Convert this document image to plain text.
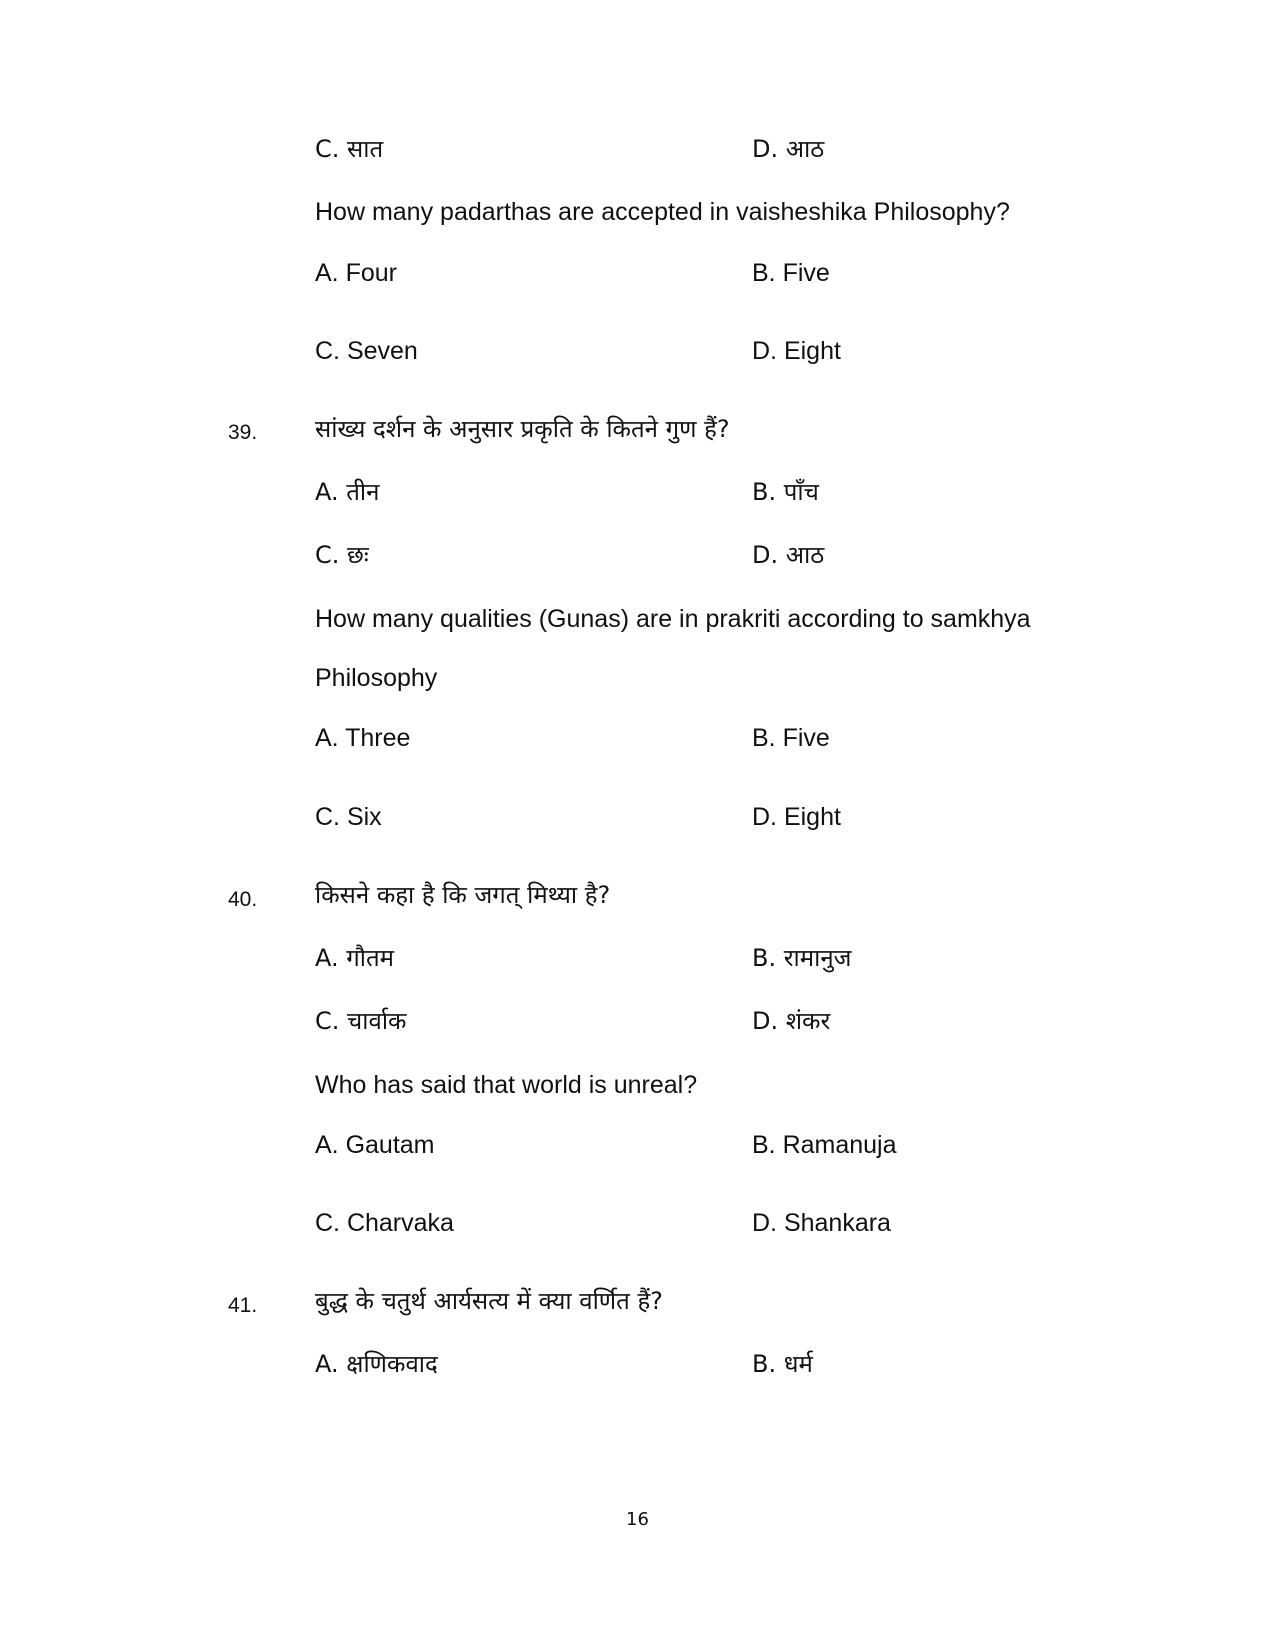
C. सात	D. आठ
How many padarthas are accepted in vaisheshika Philosophy?
A. Four	B. Five
C. Seven	D. Eight
39. सांख्य दर्शन के अनुसार प्रकृति के कितने गुण हैं?
A. तीन	B. पाँच
C. छः	D. आठ
How many qualities (Gunas) are in prakriti according to samkhya
Philosophy
A. Three	B. Five
C. Six	D. Eight
40. किसने कहा है कि जगत् मिथ्या है?
A. गौतम	B. रामानुज
C. चार्वाक	D. शंकर
Who has said that world is unreal?
A. Gautam	B. Ramanuja
C. Charvaka	D. Shankara
41. बुद्ध के चतुर्थ आर्यसत्य में क्या वर्णित हैं?
A. क्षणिकवाद	B. धर्म
16
